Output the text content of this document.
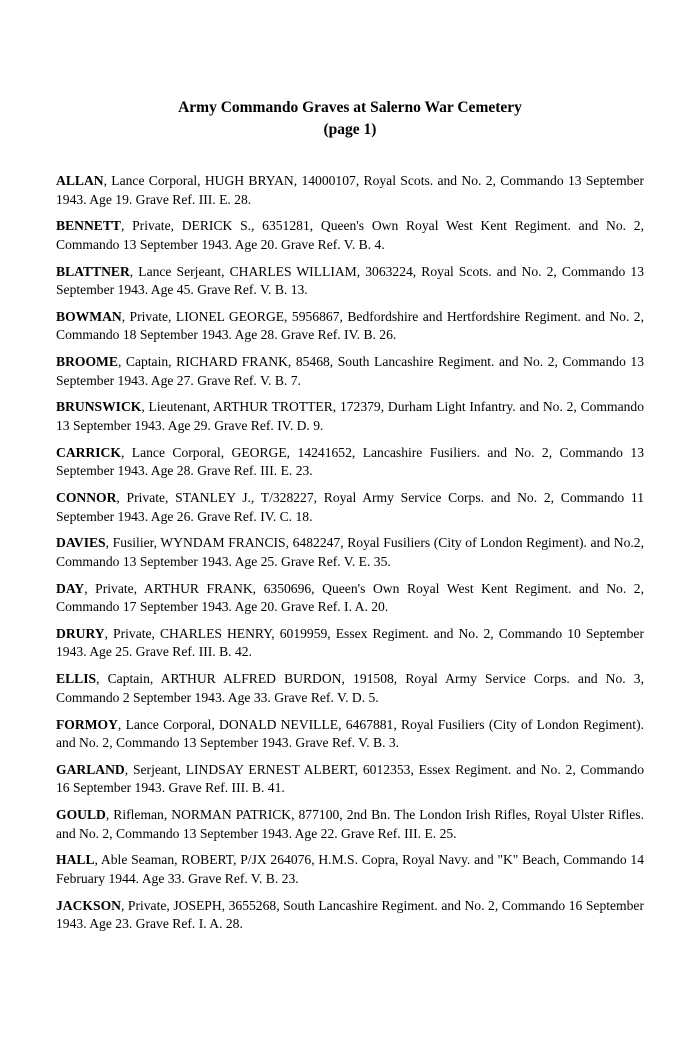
Army Commando Graves at Salerno War Cemetery
(page 1)

ALLAN, Lance Corporal, HUGH BRYAN, 14000107, Royal Scots. and No. 2, Commando 13 September 1943. Age 19. Grave Ref. III. E. 28.

BENNETT, Private, DERICK S., 6351281, Queen's Own Royal West Kent Regiment. and No. 2, Commando 13 September 1943. Age 20. Grave Ref. V. B. 4.

BLATTNER, Lance Serjeant, CHARLES WILLIAM, 3063224, Royal Scots. and No. 2, Commando 13 September 1943. Age 45. Grave Ref. V. B. 13.

BOWMAN, Private, LIONEL GEORGE, 5956867, Bedfordshire and Hertfordshire Regiment. and No. 2, Commando 18 September 1943. Age 28. Grave Ref. IV. B. 26.

BROOME, Captain, RICHARD FRANK, 85468, South Lancashire Regiment. and No. 2, Commando 13 September 1943. Age 27. Grave Ref. V. B. 7.

BRUNSWICK, Lieutenant, ARTHUR TROTTER, 172379, Durham Light Infantry. and No. 2, Commando 13 September 1943. Age 29. Grave Ref. IV. D. 9.

CARRICK, Lance Corporal, GEORGE, 14241652, Lancashire Fusiliers. and No. 2, Commando 13 September 1943. Age 28. Grave Ref. III. E. 23.

CONNOR, Private, STANLEY J., T/328227, Royal Army Service Corps. and No. 2, Commando 11 September 1943. Age 26. Grave Ref. IV. C. 18.

DAVIES, Fusilier, WYNDAM FRANCIS, 6482247, Royal Fusiliers (City of London Regiment). and No.2, Commando 13 September 1943. Age 25. Grave Ref. V. E. 35.

DAY, Private, ARTHUR FRANK, 6350696, Queen's Own Royal West Kent Regiment. and No. 2, Commando 17 September 1943. Age 20. Grave Ref. I. A. 20.

DRURY, Private, CHARLES HENRY, 6019959, Essex Regiment. and No. 2, Commando 10 September 1943. Age 25. Grave Ref. III. B. 42.

ELLIS, Captain, ARTHUR ALFRED BURDON, 191508, Royal Army Service Corps. and No. 3, Commando 2 September 1943. Age 33. Grave Ref. V. D. 5.

FORMOY, Lance Corporal, DONALD NEVILLE, 6467881, Royal Fusiliers (City of London Regiment). and No. 2, Commando 13 September 1943. Grave Ref. V. B. 3.

GARLAND, Serjeant, LINDSAY ERNEST ALBERT, 6012353, Essex Regiment. and No. 2, Commando 16 September 1943. Grave Ref. III. B. 41.

GOULD, Rifleman, NORMAN PATRICK, 877100, 2nd Bn. The London Irish Rifles, Royal Ulster Rifles. and No. 2, Commando 13 September 1943. Age 22. Grave Ref. III. E. 25.

HALL, Able Seaman, ROBERT, P/JX 264076, H.M.S. Copra, Royal Navy. and "K" Beach, Commando 14 February 1944. Age 33. Grave Ref. V. B. 23.

JACKSON, Private, JOSEPH, 3655268, South Lancashire Regiment. and No. 2, Commando 16 September 1943. Age 23. Grave Ref. I. A. 28.
